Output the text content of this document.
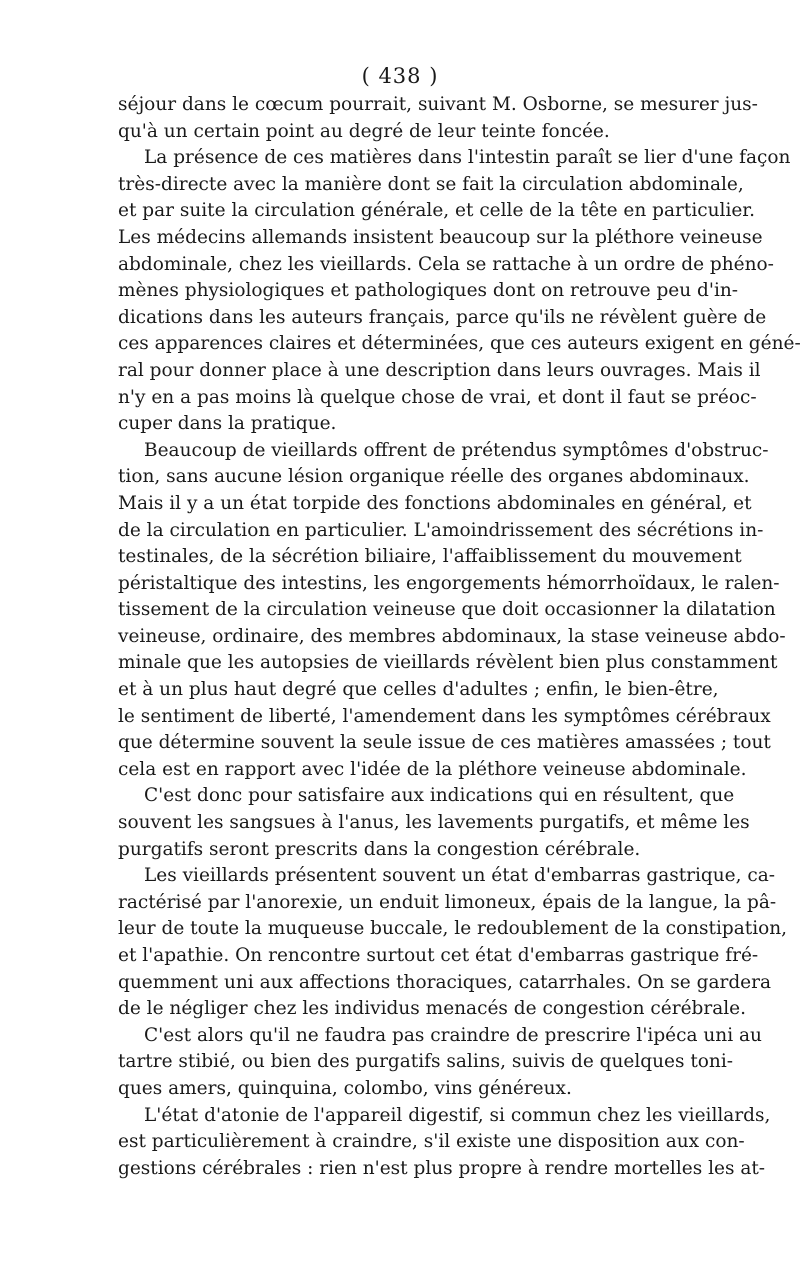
( 438 )
séjour dans le cœcum pourrait, suivant M. Osborne, se mesurer jus-
qu'à un certain point au degré de leur teinte foncée.
La présence de ces matières dans l'intestin paraît se lier d'une façon
très-directe avec la manière dont se fait la circulation abdominale,
et par suite la circulation générale, et celle de la tête en particulier.
Les médecins allemands insistent beaucoup sur la pléthore veineuse
abdominale, chez les vieillards. Cela se rattache à un ordre de phéno-
mènes physiologiques et pathologiques dont on retrouve peu d'in-
dications dans les auteurs français, parce qu'ils ne révèlent guère de
ces apparences claires et déterminées, que ces auteurs exigent en géné-
ral pour donner place à une description dans leurs ouvrages. Mais il
n'y en a pas moins là quelque chose de vrai, et dont il faut se préoc-
cuper dans la pratique.
Beaucoup de vieillards offrent de prétendus symptômes d'obstruc-
tion, sans aucune lésion organique réelle des organes abdominaux.
Mais il y a un état torpide des fonctions abdominales en général, et
de la circulation en particulier. L'amoindrissement des sécrétions in-
testinales, de la sécrétion biliaire, l'affaiblissement du mouvement
péristaltique des intestins, les engorgements hémorrhoïdaux, le ralen-
tissement de la circulation veineuse que doit occasionner la dilatation
veineuse, ordinaire, des membres abdominaux, la stase veineuse abdo-
minale que les autopsies de vieillards révèlent bien plus constamment
et à un plus haut degré que celles d'adultes ; enfin, le bien-être,
le sentiment de liberté, l'amendement dans les symptômes cérébraux
que détermine souvent la seule issue de ces matières amassées ; tout
cela est en rapport avec l'idée de la pléthore veineuse abdominale.
C'est donc pour satisfaire aux indications qui en résultent, que
souvent les sangsues à l'anus, les lavements purgatifs, et même les
purgatifs seront prescrits dans la congestion cérébrale.
Les vieillards présentent souvent un état d'embarras gastrique, ca-
ractérisé par l'anorexie, un enduit limoneux, épais de la langue, la pâ-
leur de toute la muqueuse buccale, le redoublement de la constipation,
et l'apathie. On rencontre surtout cet état d'embarras gastrique fré-
quemment uni aux affections thoraciques, catarrhales. On se gardera
de le négliger chez les individus menacés de congestion cérébrale.
C'est alors qu'il ne faudra pas craindre de prescrire l'ipéca uni au
tartre stibié, ou bien des purgatifs salins, suivis de quelques toni-
ques amers, quinquina, colombo, vins généreux.
L'état d'atonie de l'appareil digestif, si commun chez les vieillards,
est particulièrement à craindre, s'il existe une disposition aux con-
gestions cérébrales : rien n'est plus propre à rendre mortelles les at-
